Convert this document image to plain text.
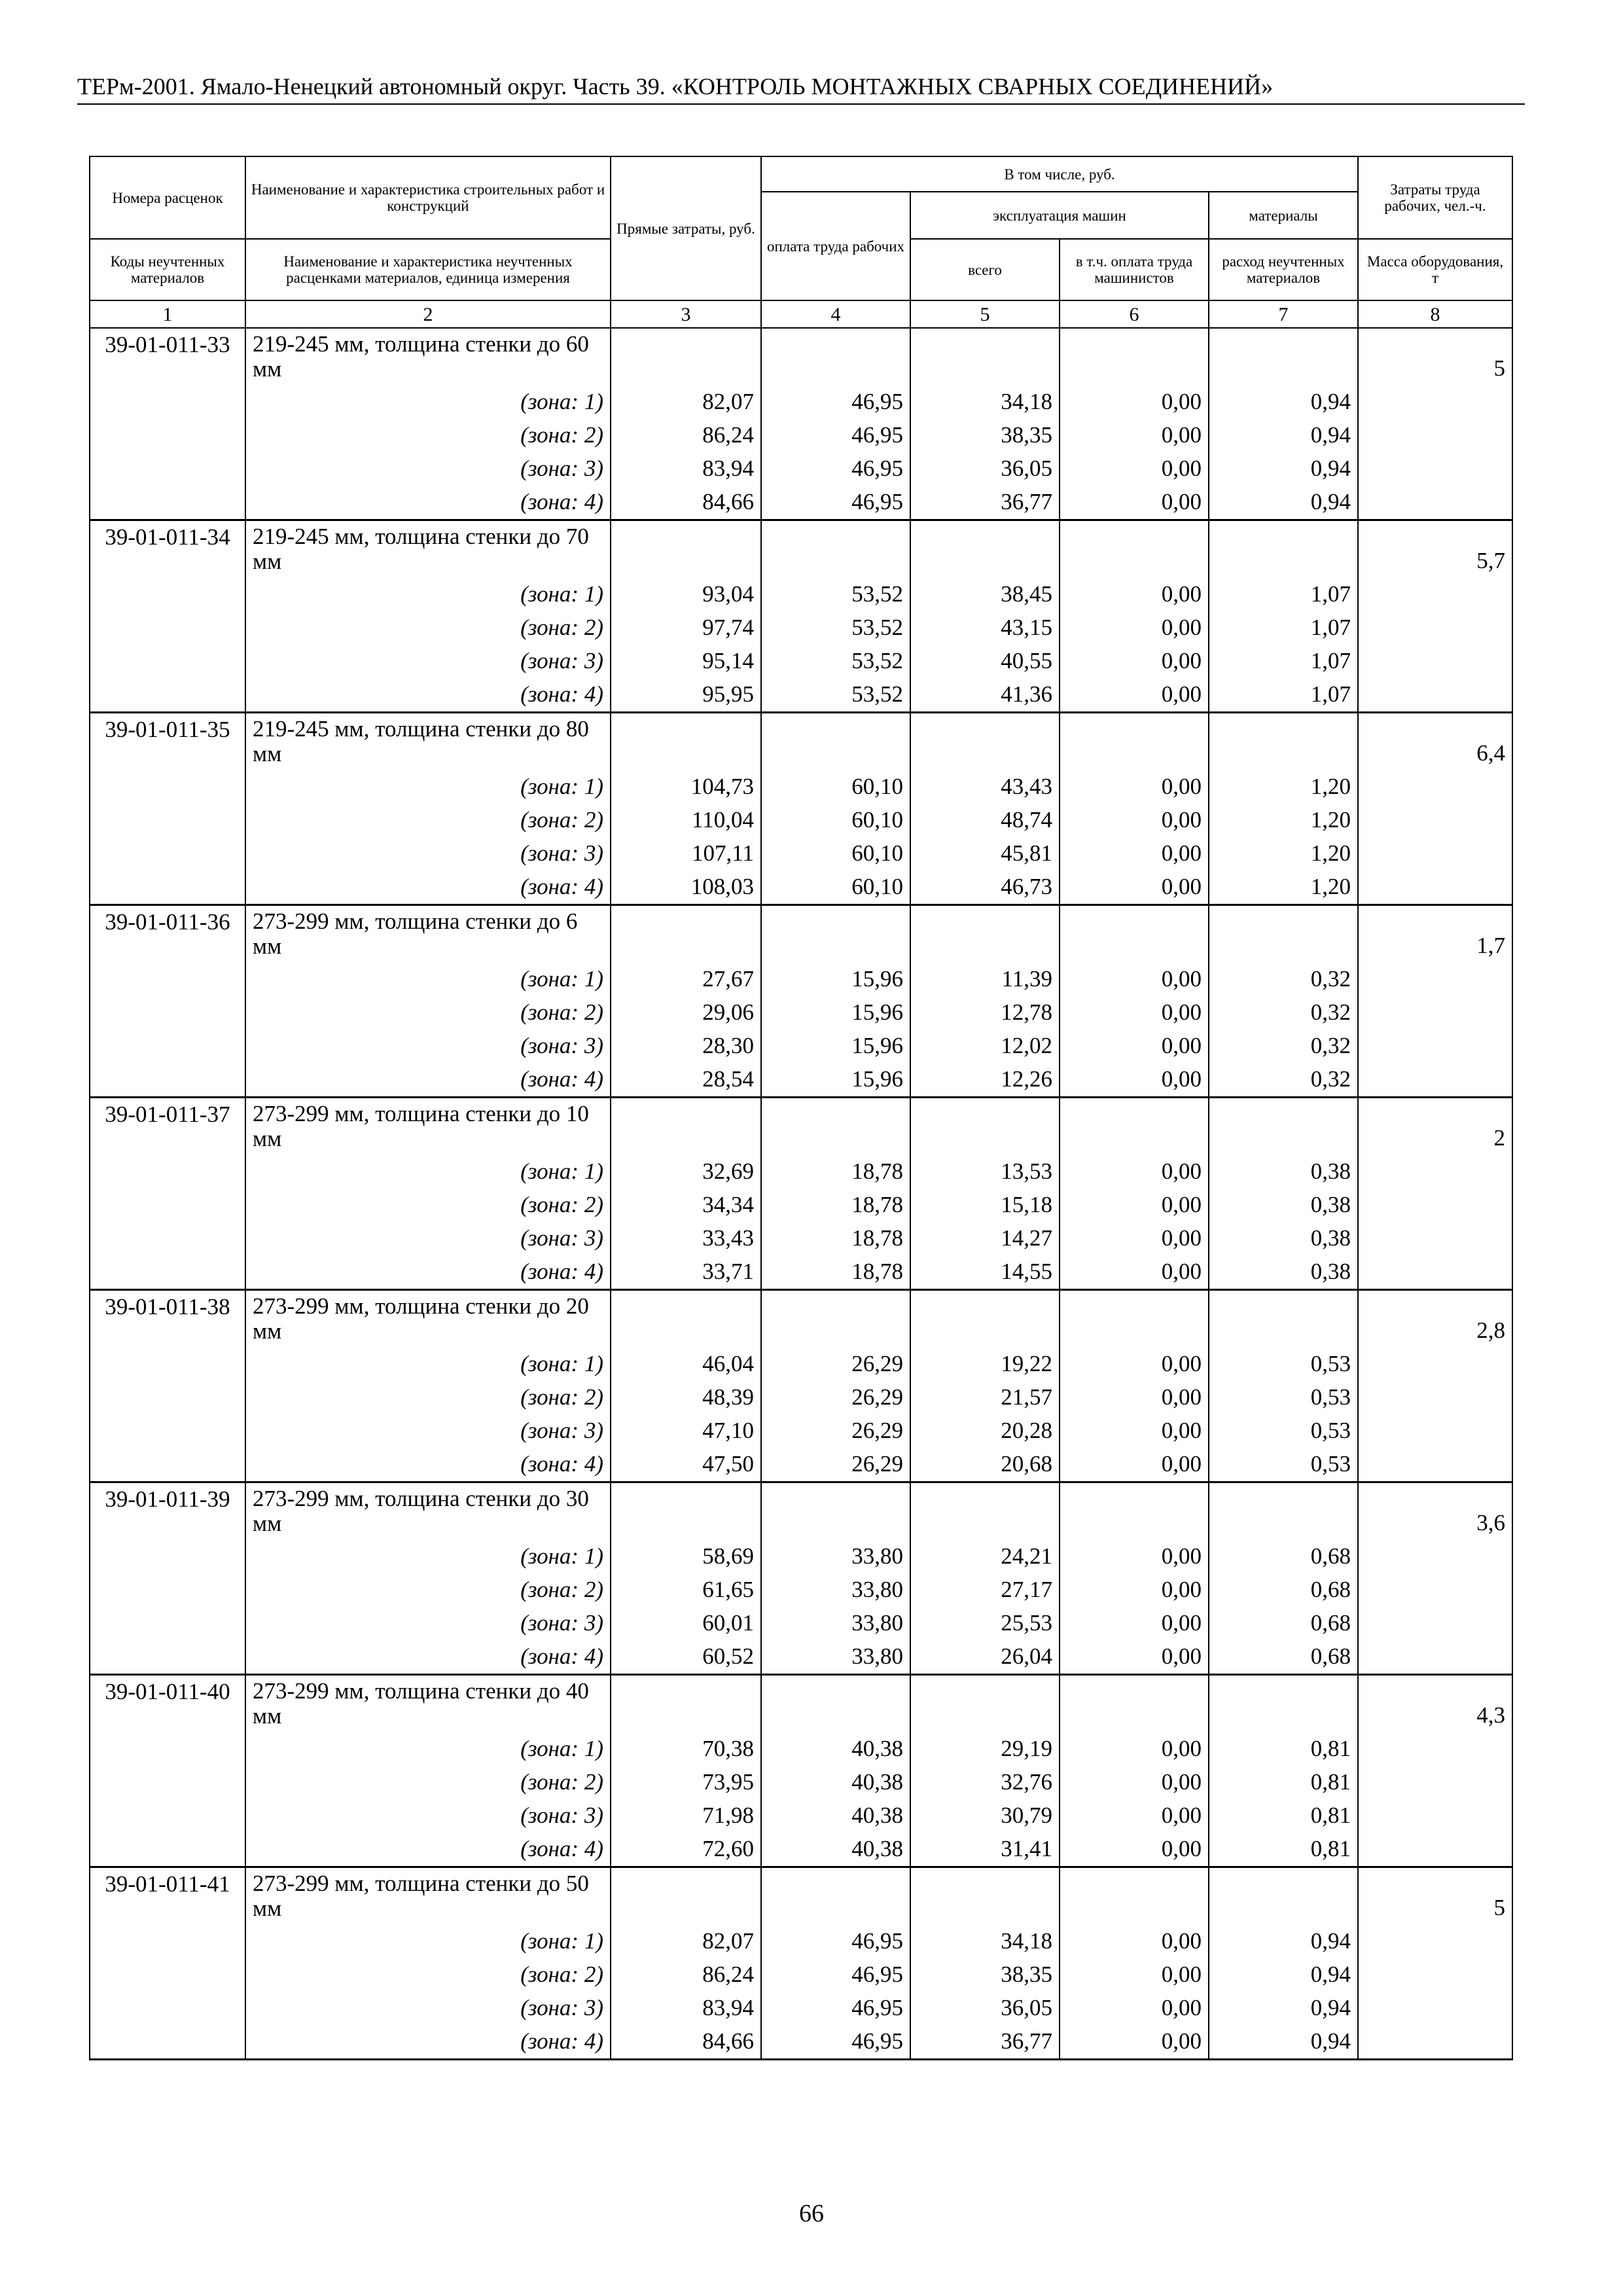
ТЕРм-2001. Ямало-Ненецкий автономный округ. Часть 39. «КОНТРОЛЬ МОНТАЖНЫХ СВАРНЫХ СОЕДИНЕНИЙ»
Номера расценок	Наименование и характеристика строительных работ и конструкций	Прямые затраты, руб.	В том числе, руб.				Затраты труда рабочих, чел.-ч.
			оплата труда рабочих	эксплуатация машин		материалы	
Коды неучтенных материалов	Наименование и характеристика неучтенных расценками материалов, единица измерения			всего	в т.ч. оплата труда машинистов	расход неучтенных материалов	Масса оборудования, т
1	2	3	4	5	6	7	8
39-01-011-33	219-245 мм, толщина стенки до 60 мм						5
	(зона: 1)	82,07	46,95	34,18	0,00	0,94	
	(зона: 2)	86,24	46,95	38,35	0,00	0,94	
	(зона: 3)	83,94	46,95	36,05	0,00	0,94	
	(зона: 4)	84,66	46,95	36,77	0,00	0,94	
39-01-011-34	219-245 мм, толщина стенки до 70 мм						5,7
	(зона: 1)	93,04	53,52	38,45	0,00	1,07	
	(зона: 2)	97,74	53,52	43,15	0,00	1,07	
	(зона: 3)	95,14	53,52	40,55	0,00	1,07	
	(зона: 4)	95,95	53,52	41,36	0,00	1,07	
39-01-011-35	219-245 мм, толщина стенки до 80 мм						6,4
	(зона: 1)	104,73	60,10	43,43	0,00	1,20	
	(зона: 2)	110,04	60,10	48,74	0,00	1,20	
	(зона: 3)	107,11	60,10	45,81	0,00	1,20	
	(зона: 4)	108,03	60,10	46,73	0,00	1,20	
39-01-011-36	273-299 мм, толщина стенки до 6 мм						1,7
	(зона: 1)	27,67	15,96	11,39	0,00	0,32	
	(зона: 2)	29,06	15,96	12,78	0,00	0,32	
	(зона: 3)	28,30	15,96	12,02	0,00	0,32	
	(зона: 4)	28,54	15,96	12,26	0,00	0,32	
39-01-011-37	273-299 мм, толщина стенки до 10 мм						2
	(зона: 1)	32,69	18,78	13,53	0,00	0,38	
	(зона: 2)	34,34	18,78	15,18	0,00	0,38	
	(зона: 3)	33,43	18,78	14,27	0,00	0,38	
	(зона: 4)	33,71	18,78	14,55	0,00	0,38	
39-01-011-38	273-299 мм, толщина стенки до 20 мм						2,8
	(зона: 1)	46,04	26,29	19,22	0,00	0,53	
	(зона: 2)	48,39	26,29	21,57	0,00	0,53	
	(зона: 3)	47,10	26,29	20,28	0,00	0,53	
	(зона: 4)	47,50	26,29	20,68	0,00	0,53	
39-01-011-39	273-299 мм, толщина стенки до 30 мм						3,6
	(зона: 1)	58,69	33,80	24,21	0,00	0,68	
	(зона: 2)	61,65	33,80	27,17	0,00	0,68	
	(зона: 3)	60,01	33,80	25,53	0,00	0,68	
	(зона: 4)	60,52	33,80	26,04	0,00	0,68	
39-01-011-40	273-299 мм, толщина стенки до 40 мм						4,3
	(зона: 1)	70,38	40,38	29,19	0,00	0,81	
	(зона: 2)	73,95	40,38	32,76	0,00	0,81	
	(зона: 3)	71,98	40,38	30,79	0,00	0,81	
	(зона: 4)	72,60	40,38	31,41	0,00	0,81	
39-01-011-41	273-299 мм, толщина стенки до 50 мм						5
	(зона: 1)	82,07	46,95	34,18	0,00	0,94	
	(зона: 2)	86,24	46,95	38,35	0,00	0,94	
	(зона: 3)	83,94	46,95	36,05	0,00	0,94	
	(зона: 4)	84,66	46,95	36,77	0,00	0,94	
66
